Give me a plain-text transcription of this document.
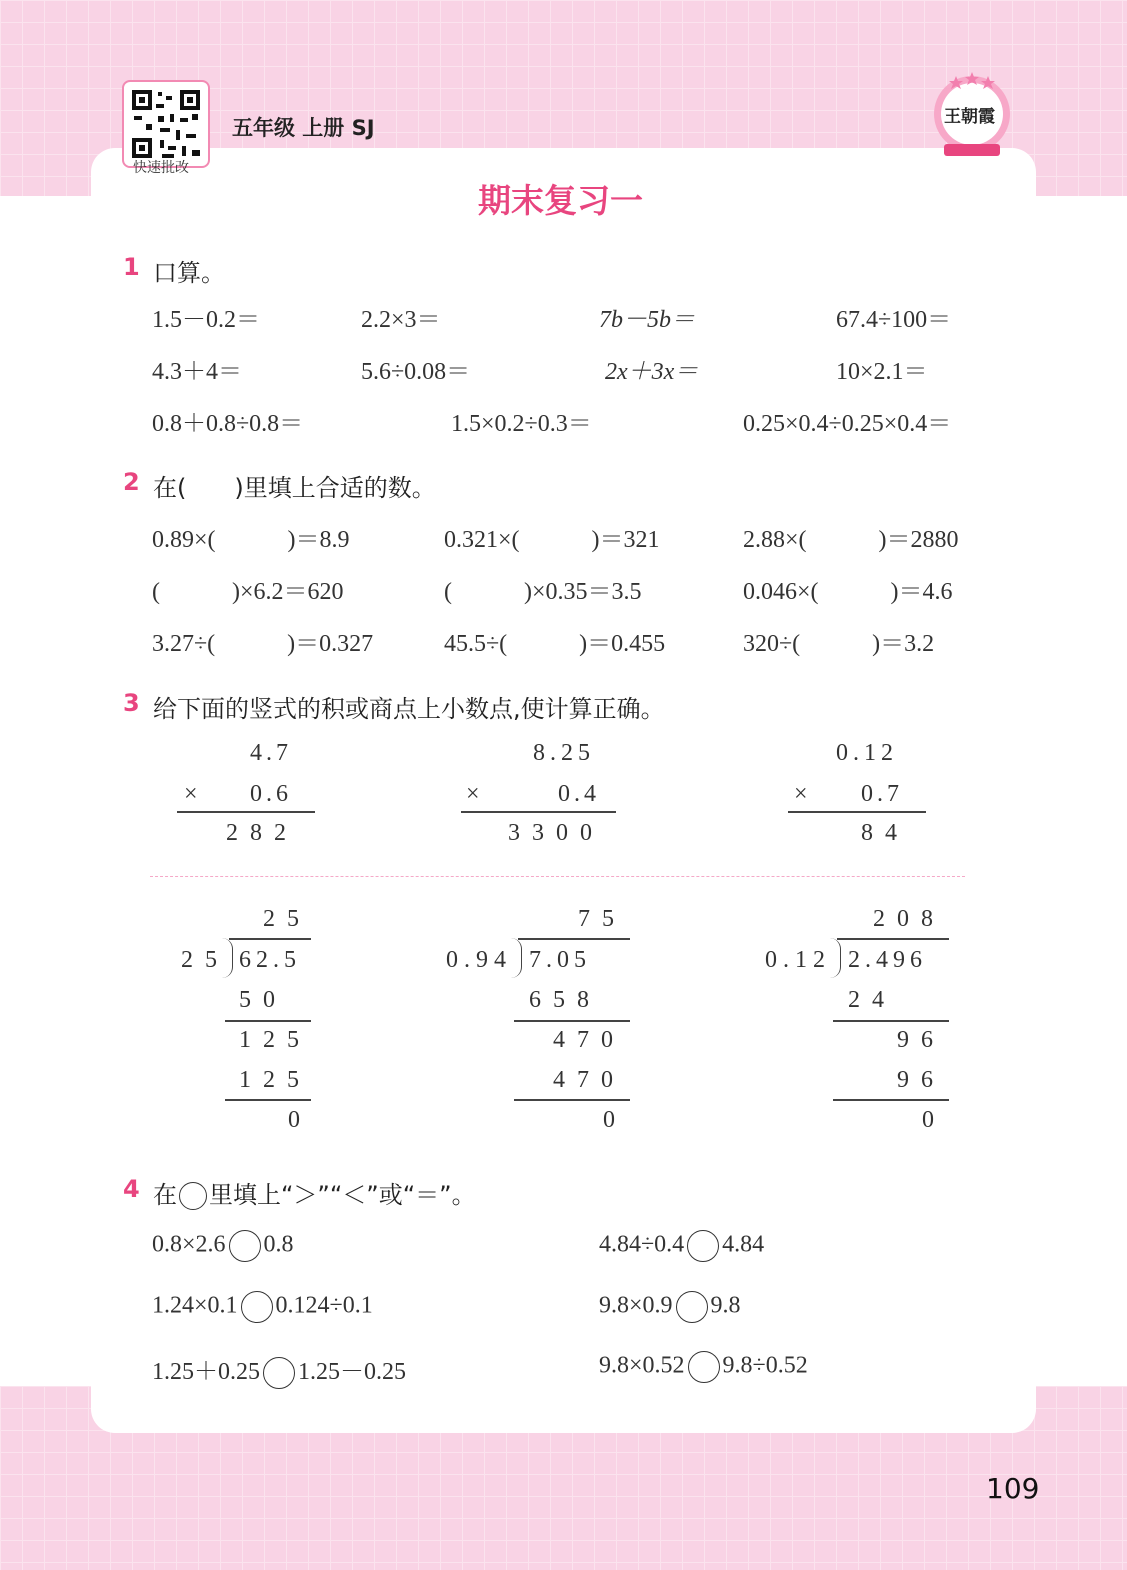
快速批改
五年级 上册 SJ	王朝霞
期末复习一
1 口算。
1.5－0.2＝	2.2×3＝	7b－5b＝	67.4÷100＝
4.3＋4＝	5.6÷0.08＝	2x＋3x＝	10×2.1＝
0.8＋0.8÷0.8＝	1.5×0.2÷0.3＝	0.25×0.4÷0.25×0.4＝
2 在(　　)里填上合适的数。
0.89×(　　　)＝8.9	0.321×(　　　)＝321	2.88×(　　　)＝2880
(　　　)×6.2＝620	(　　　)×0.35＝3.5	0.046×(　　　)＝4.6
3.27÷(　　　)＝0.327	45.5÷(　　　)＝0.455	320÷(　　　)＝3.2
3 给下面的竖式的积或商点上小数点,使计算正确。
4.7
× 0.6
282
8.25
×	0.4
3300
0.12
× 0.7
84
25
25 62.5
50
125
125
0
75
0.94 7.05
658
470
470
0
208
0.12 2.496
24
96
96
0
4 在 里填上“＞”“＜”或“＝”。
0.8×2.6 0.8	4.84÷0.4 4.84
1.24×0.1 0.124÷0.1	9.8×0.9 9.8
1.25＋0.25 1.25－0.25	9.8×0.52 9.8÷0.52
109
